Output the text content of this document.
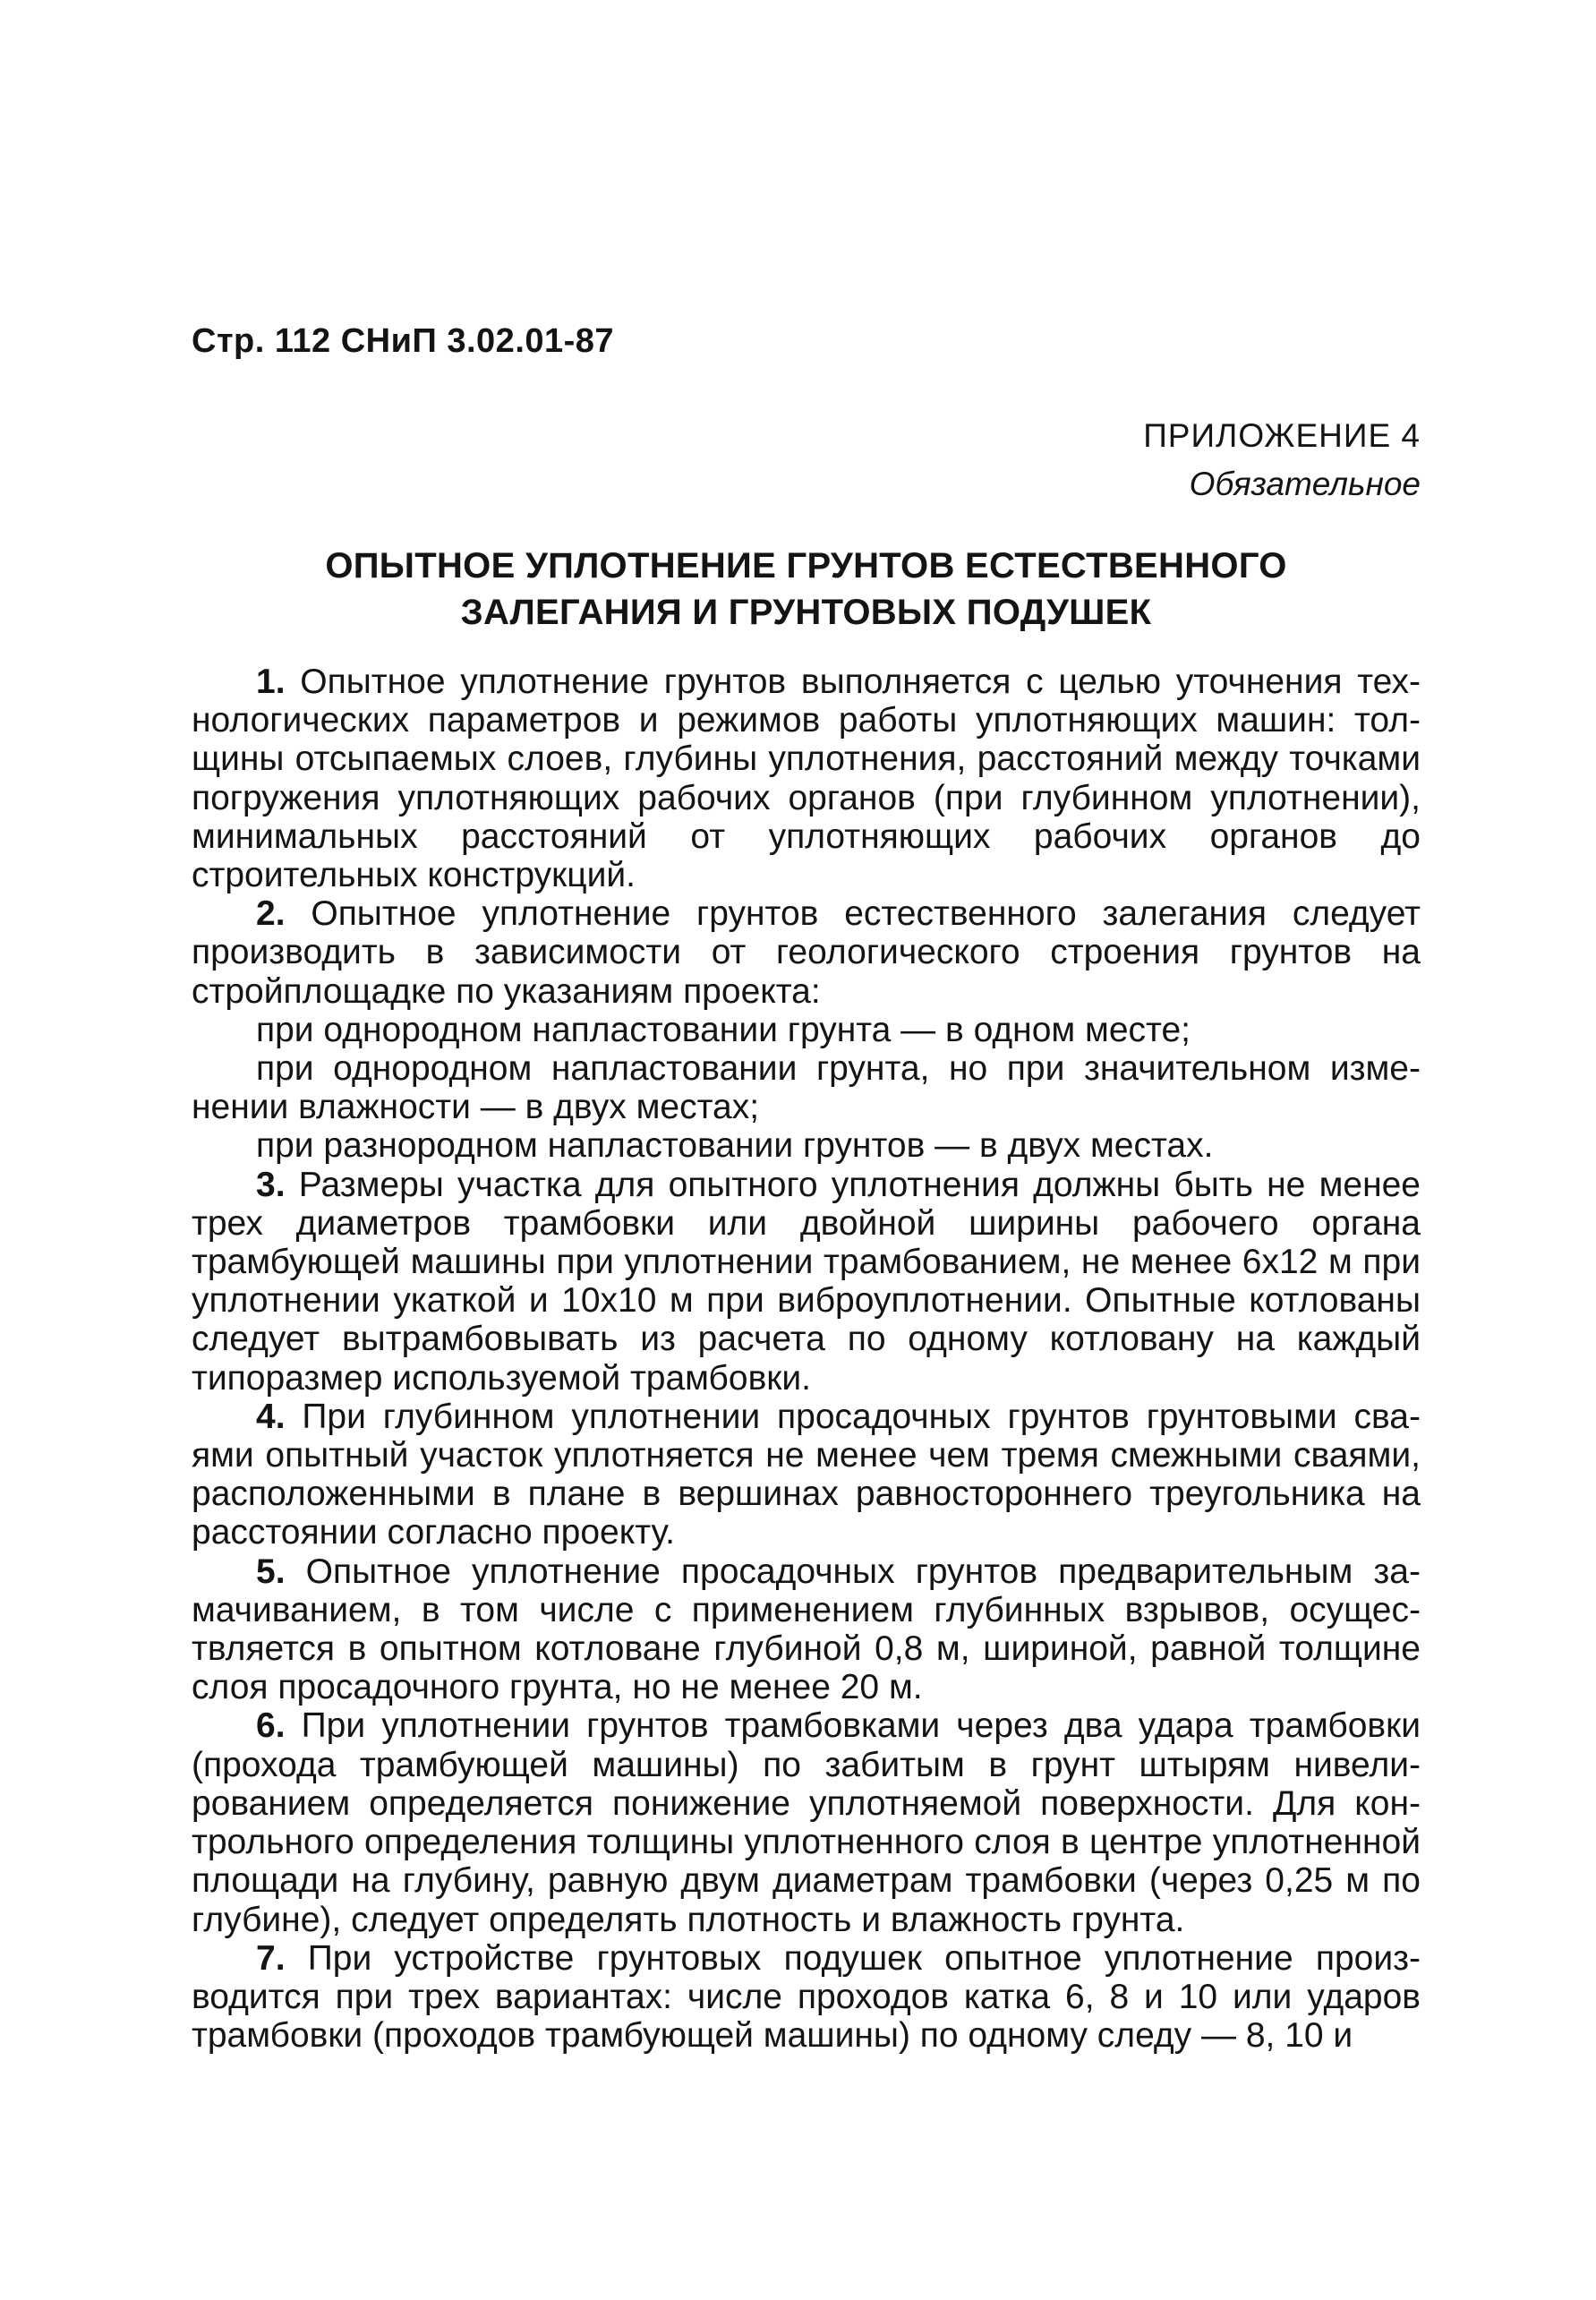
Стр. 112 СНиП 3.02.01-87
ПРИЛОЖЕНИЕ 4
Обязательное
ОПЫТНОЕ УПЛОТНЕНИЕ ГРУНТОВ ЕСТЕСТВЕННОГО
ЗАЛЕГАНИЯ И ГРУНТОВЫХ ПОДУШЕК

1. Опытное уплотнение грунтов выполняется с целью уточнения технологических параметров и режимов работы уплотняющих машин: толщины отсыпаемых слоев, глубины уплотнения, расстояний между точками погружения уплотняющих рабочих органов (при глубинном уплотнении), минимальных расстояний от уплотняющих рабочих органов до строительных конструкций.

2. Опытное уплотнение грунтов естественного залегания следует производить в зависимости от геологического строения грунтов на стройплощадке по указаниям проекта:

при однородном напластовании грунта — в одном месте;

при однородном напластовании грунта, но при значительном изменении влажности — в двух местах;

при разнородном напластовании грунтов — в двух местах.

3. Размеры участка для опытного уплотнения должны быть не менее трех диаметров трамбовки или двойной ширины рабочего органа трамбующей машины при уплотнении трамбованием, не менее 6х12 м при уплотнении укаткой и 10х10 м при виброуплотнении. Опытные котлованы следует вытрамбовывать из расчета по одному котловану на каждый типоразмер используемой трамбовки.

4. При глубинном уплотнении просадочных грунтов грунтовыми сваями опытный участок уплотняется не менее чем тремя смежными сваями, расположенными в плане в вершинах равностороннего треугольника на расстоянии согласно проекту.

5. Опытное уплотнение просадочных грунтов предварительным замачиванием, в том числе с применением глубинных взрывов, осуществляется в опытном котловане глубиной 0,8 м, шириной, равной толщине слоя просадочного грунта, но не менее 20 м.

6. При уплотнении грунтов трамбовками через два удара трамбовки (прохода трамбующей машины) по забитым в грунт штырям нивелированием определяется понижение уплотняемой поверхности. Для контрольного определения толщины уплотненного слоя в центре уплотненной площади на глубину, равную двум диаметрам трамбовки (через 0,25 м по глубине), следует определять плотность и влажность грунта.

7. При устройстве грунтовых подушек опытное уплотнение производится при трех вариантах: числе проходов катка 6, 8 и 10 или ударов трамбовки (проходов трамбующей машины) по одному следу — 8, 10 и
